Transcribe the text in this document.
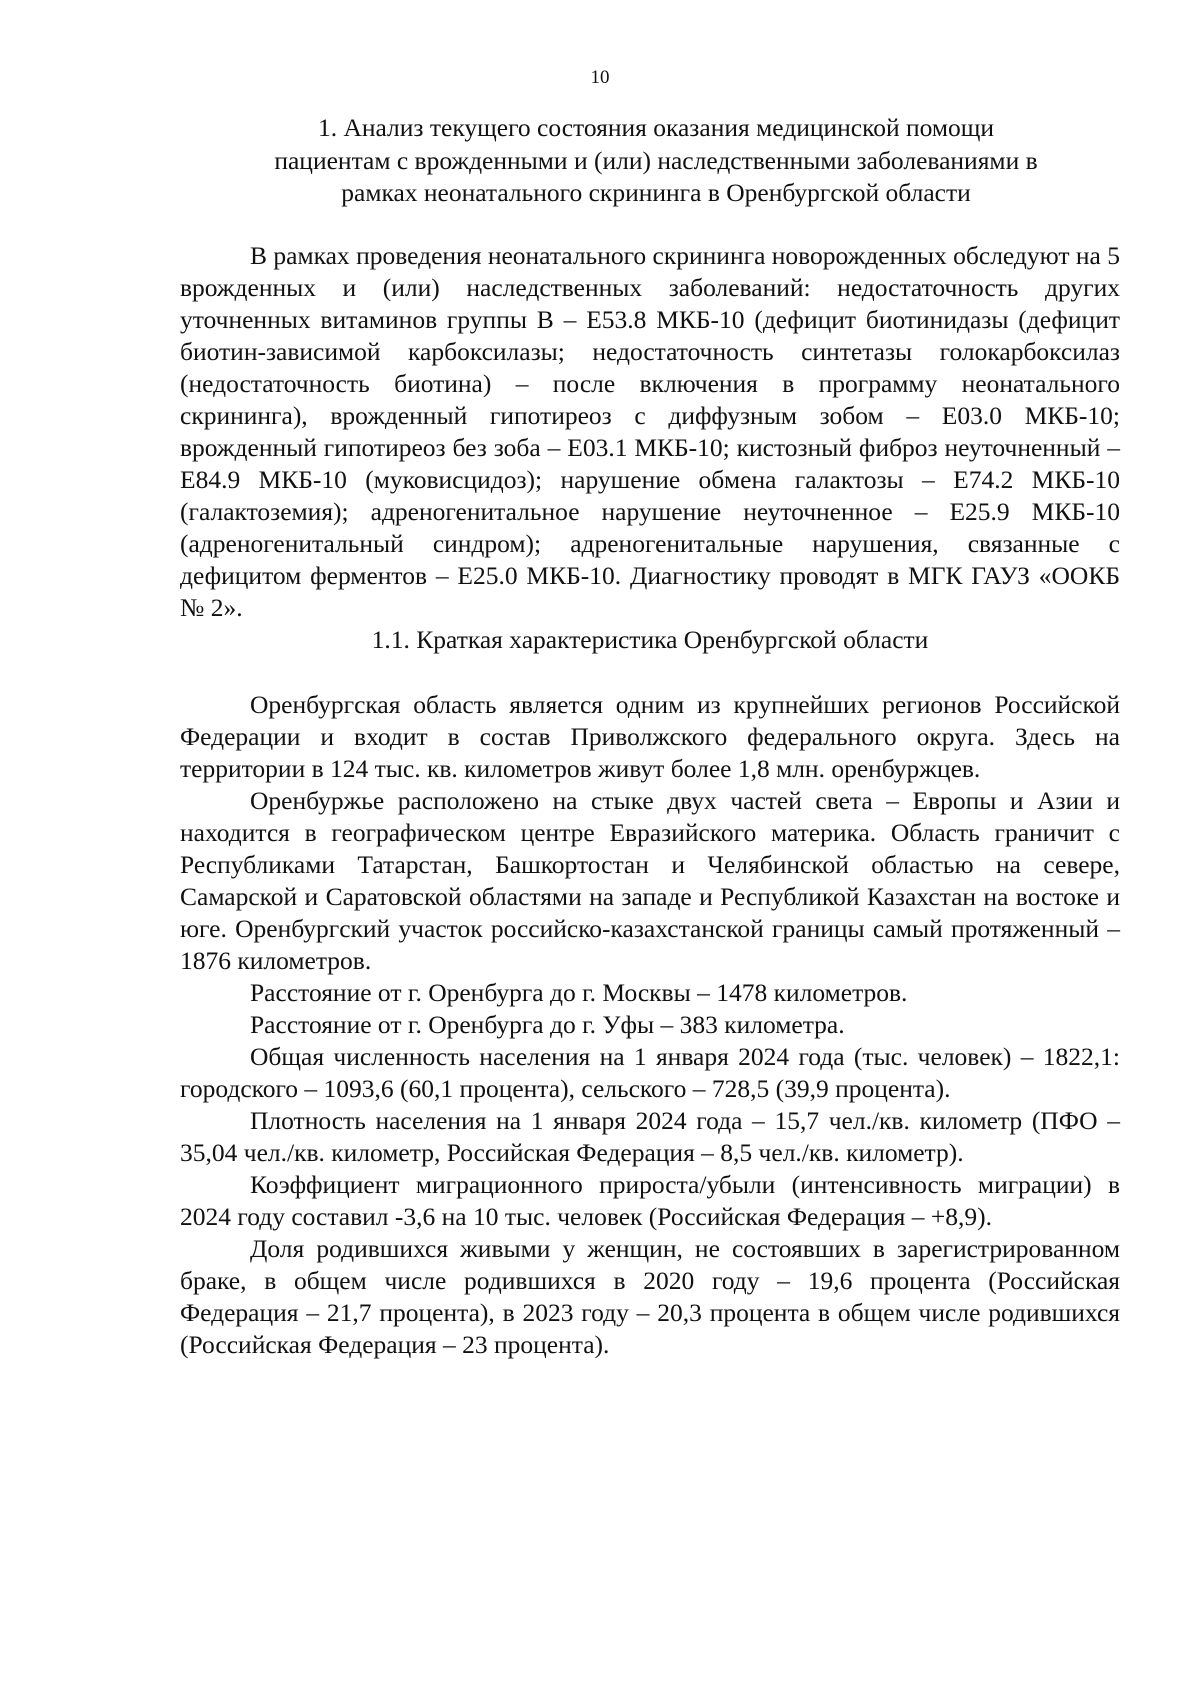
10
1. Анализ текущего состояния оказания медицинской помощи
пациентам с врожденными и (или) наследственными заболеваниями в
рамках неонатального скрининга в Оренбургской области

В рамках проведения неонатального скрининга новорожденных обследуют на 5 врожденных и (или) наследственных заболеваний: недостаточность других уточненных витаминов группы В – Е53.8 МКБ-10 (дефицит биотинидазы (дефицит биотин-зависимой карбоксилазы; недостаточность синтетазы голокарбоксилаз (недостаточность биотина) – после включения в программу неонатального скрининга), врожденный гипотиреоз с диффузным зобом – Е03.0 МКБ-10; врожденный гипотиреоз без зоба – Е03.1 МКБ-10; кистозный фиброз неуточненный – Е84.9 МКБ-10 (муковисцидоз); нарушение обмена галактозы – Е74.2 МКБ-10 (галактоземия); адреногенитальное нарушение неуточненное – Е25.9 МКБ-10 (адреногенитальный синдром); адреногенитальные нарушения, связанные с дефицитом ферментов – Е25.0 МКБ-10. Диагностику проводят в МГК ГАУЗ «ООКБ № 2».

1.1. Краткая характеристика Оренбургской области

Оренбургская область является одним из крупнейших регионов Российской Федерации и входит в состав Приволжского федерального округа. Здесь на территории в 124 тыс. кв. километров живут более 1,8 млн. оренбуржцев.

Оренбуржье расположено на стыке двух частей света – Европы и Азии и находится в географическом центре Евразийского материка. Область граничит с Республиками Татарстан, Башкортостан и Челябинской областью на севере, Самарской и Саратовской областями на западе и Республикой Казахстан на востоке и юге. Оренбургский участок российско-казахстанской границы самый протяженный – 1876 километров.

Расстояние от г. Оренбурга до г. Москвы – 1478 километров.

Расстояние от г. Оренбурга до г. Уфы – 383 километра.

Общая численность населения на 1 января 2024 года (тыс. человек) – 1822,1: городского – 1093,6 (60,1 процента), сельского – 728,5 (39,9 процента).

Плотность населения на 1 января 2024 года – 15,7 чел./кв. километр (ПФО – 35,04 чел./кв. километр, Российская Федерация – 8,5 чел./кв. километр).

Коэффициент миграционного прироста/убыли (интенсивность миграции) в 2024 году составил -3,6 на 10 тыс. человек (Российская Федерация – +8,9).

Доля родившихся живыми у женщин, не состоявших в зарегистрированном браке, в общем числе родившихся в 2020 году – 19,6 процента (Российская Федерация – 21,7 процента), в 2023 году – 20,3 процента в общем числе родившихся (Российская Федерация – 23 процента).
